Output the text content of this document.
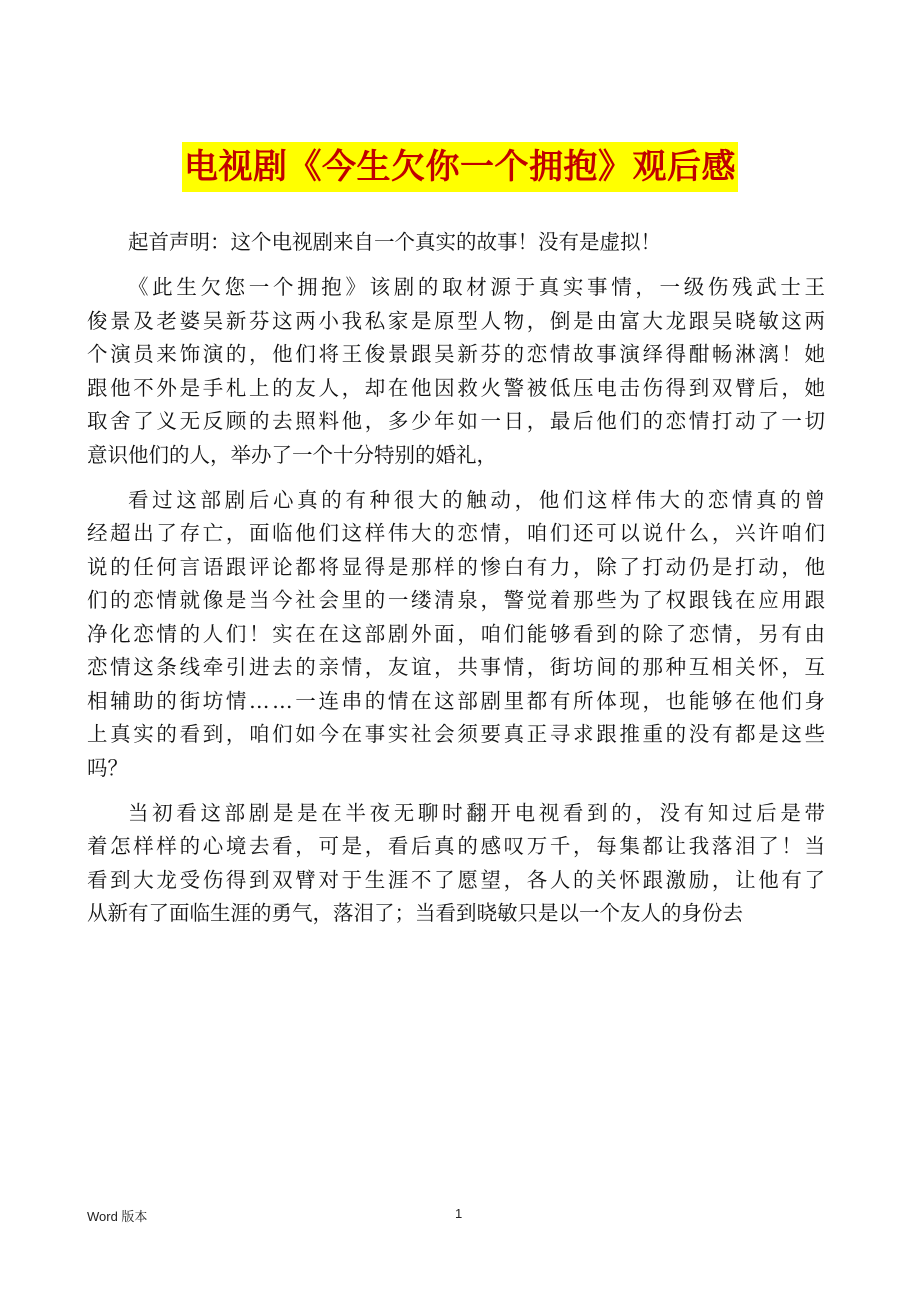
电视剧《今生欠你一个拥抱》观后感
起首声明：这个电视剧来自一个真实的故事！没有是虚拟！
《此生欠您一个拥抱》该剧的取材源于真实事情，一级伤残武士王
俊景及老婆吴新芬这两小我私家是原型人物，倒是由富大龙跟吴晓敏这两
个演员来饰演的，他们将王俊景跟吴新芬的恋情故事演绎得酣畅淋漓！她
跟他不外是手札上的友人，却在他因救火警被低压电击伤得到双臂后，她
取舍了义无反顾的去照料他，多少年如一日，最后他们的恋情打动了一切
意识他们的人，举办了一个十分特别的婚礼，
看过这部剧后心真的有种很大的触动，他们这样伟大的恋情真的曾
经超出了存亡，面临他们这样伟大的恋情，咱们还可以说什么，兴许咱们
说的任何言语跟评论都将显得是那样的惨白有力，除了打动仍是打动，他
们的恋情就像是当今社会里的一缕清泉，警觉着那些为了权跟钱在应用跟
净化恋情的人们！实在在这部剧外面，咱们能够看到的除了恋情，另有由
恋情这条线牵引进去的亲情，友谊，共事情，街坊间的那种互相关怀，互
相辅助的街坊情……一连串的情在这部剧里都有所体现，也能够在他们身
上真实的看到，咱们如今在事实社会须要真正寻求跟推重的没有都是这些
吗？
当初看这部剧是是在半夜无聊时翻开电视看到的，没有知过后是带
着怎样样的心境去看，可是，看后真的感叹万千，每集都让我落泪了！当
看到大龙受伤得到双臂对于生涯不了愿望，各人的关怀跟激励，让他有了
从新有了面临生涯的勇气，落泪了；当看到晓敏只是以一个友人的身份去
Word 版本	1
